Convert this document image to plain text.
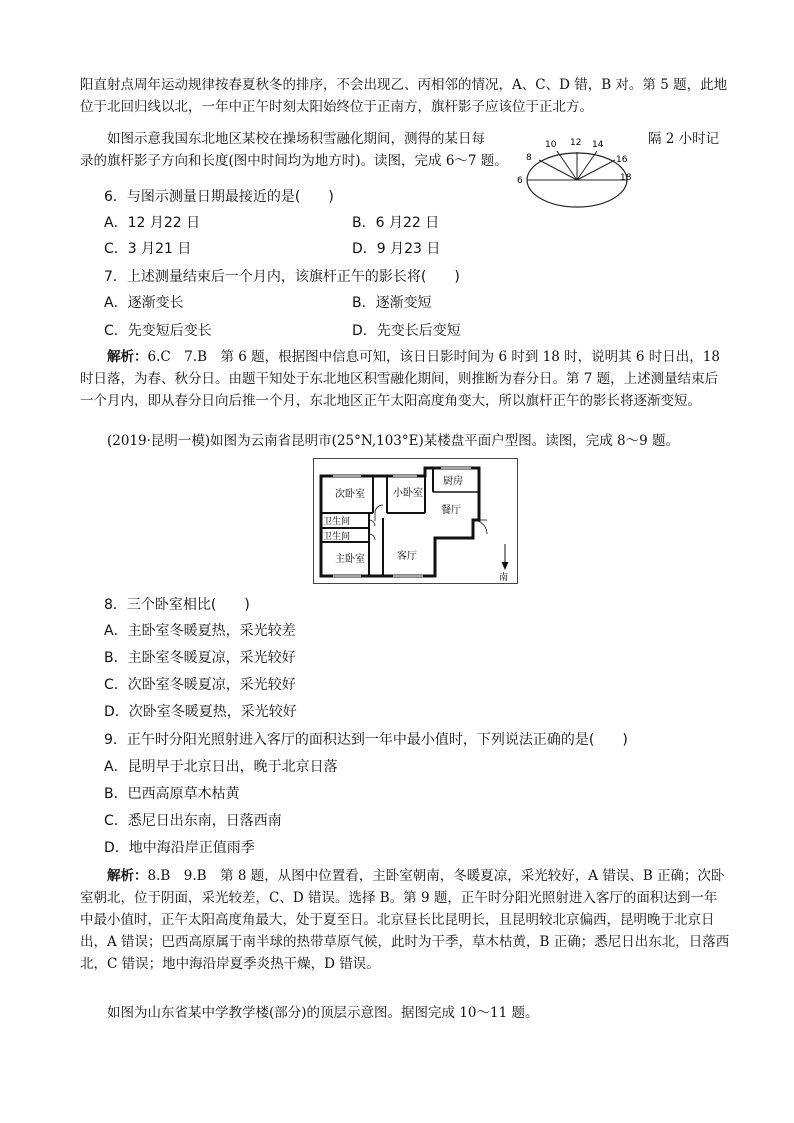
阳直射点周年运动规律按春夏秋冬的排序，不会出现乙、丙相邻的情况，A、C、D 错，B 对。第 5 题，此地位于北回归线以北，一年中正午时刻太阳始终位于正南方，旗杆影子应该位于正北方。

如图示意我国东北地区某校在操场积雪融化期间，测得的某日每	隔 2 小时记
录的旗杆影子方向和长度(图中时间均为地方时)。读图，完成 6～7 题。
6
8
10 12 14
16
18
6．与图示测量日期最接近的是(　　)
A．12 月22 日	B．6 月22 日
C．3 月21 日	D．9 月23 日
7．上述测量结束后一个月内，该旗杆正午的影长将(　　)
A．逐渐变长	B．逐渐变短
C．先变短后变长	D．先变长后变短

解析：6.C　7.B　第 6 题，根据图中信息可知，该日日影时间为 6 时到 18 时，说明其 6 时日出，18 时日落，为春、秋分日。由题干知处于东北地区积雪融化期间，则推断为春分日。第 7 题，上述测量结束后一个月内，即从春分日向后推一个月，东北地区正午太阳高度角变大，所以旗杆正午的影长将逐渐变短。

(2019·昆明一模)如图为云南省昆明市(25°N,103°E)某楼盘平面户型图。读图，完成 8～9 题。

次卧室	小卧室
厨房
餐厅
卫生间
卫生间
主卧室	客厅
南
8．三个卧室相比(　　)
A．主卧室冬暖夏热，采光较差
B．主卧室冬暖夏凉，采光较好
C．次卧室冬暖夏凉，采光较好
D．次卧室冬暖夏热，采光较好
9．正午时分阳光照射进入客厅的面积达到一年中最小值时，下列说法正确的是(　　)
A．昆明早于北京日出，晚于北京日落
B．巴西高原草木枯黄
C．悉尼日出东南，日落西南
D．地中海沿岸正值雨季

解析：8.B　9.B　第 8 题，从图中位置看，主卧室朝南，冬暖夏凉，采光较好，A 错误、B 正确；次卧室朝北，位于阴面，采光较差，C、D 错误。选择 B。第 9 题，正午时分阳光照射进入客厅的面积达到一年中最小值时，正午太阳高度角最大，处于夏至日。北京昼长比昆明长，且昆明较北京偏西，昆明晚于北京日出，A 错误；巴西高原属于南半球的热带草原气候，此时为干季，草木枯黄，B 正确；悉尼日出东北，日落西北，C 错误；地中海沿岸夏季炎热干燥，D 错误。

如图为山东省某中学教学楼(部分)的顶层示意图。据图完成 10～11 题。
